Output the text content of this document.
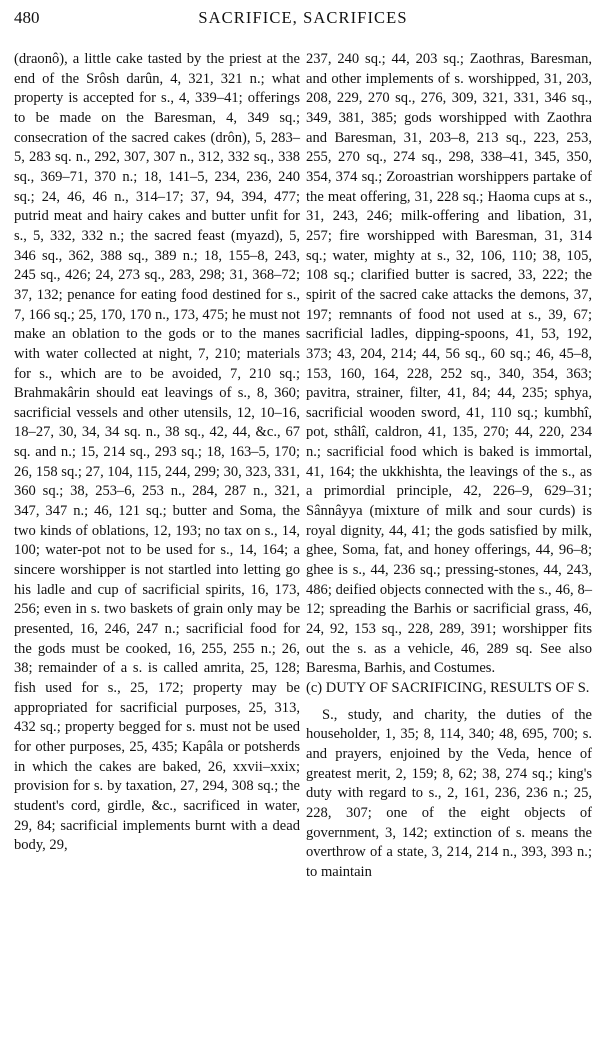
480	SACRIFICE, SACRIFICES

(draonô), a little cake tasted by the priest at the end of the Srôsh darûn, 4, 321, 321 n.; what property is accepted for s., 4, 339–41; offerings to be made on the Baresman, 4, 349 sq.; consecration of the sacred cakes (drôn), 5, 283–5, 283 sq. n., 292, 307, 307 n., 312, 332 sq., 338 sq., 369–71, 370 n.; 18, 141–5, 234, 236, 240 sq.; 24, 46, 46 n., 314–17; 37, 94, 394, 477; putrid meat and hairy cakes and butter unfit for s., 5, 332, 332 n.; the sacred feast (myazd), 5, 346 sq., 362, 388 sq., 389 n.; 18, 155–8, 243, 245 sq., 426; 24, 273 sq., 283, 298; 31, 368–72; 37, 132; penance for eating food destined for s., 7, 166 sq.; 25, 170, 170 n., 173, 475; he must not make an oblation to the gods or to the manes with water collected at night, 7, 210; materials for s., which are to be avoided, 7, 210 sq.; Brahmakârin should eat leavings of s., 8, 360; sacrificial vessels and other utensils, 12, 10–16, 18–27, 30, 34, 34 sq. n., 38 sq., 42, 44, &c., 67 sq. and n.; 15, 214 sq., 293 sq.; 18, 163–5, 170; 26, 158 sq.; 27, 104, 115, 244, 299; 30, 323, 331, 360 sq.; 38, 253–6, 253 n., 284, 287 n., 321, 347, 347 n.; 46, 121 sq.; butter and Soma, the two kinds of oblations, 12, 193; no tax on s., 14, 100; water-pot not to be used for s., 14, 164; a sincere worshipper is not startled into letting go his ladle and cup of sacrificial spirits, 16, 173, 256; even in s. two baskets of grain only may be presented, 16, 246, 247 n.; sacrificial food for the gods must be cooked, 16, 255, 255 n.; 26, 38; remainder of a s. is called amrita, 25, 128; fish used for s., 25, 172; property may be appropriated for sacrificial purposes, 25, 313, 432 sq.; property begged for s. must not be used for other purposes, 25, 435; Kapâla or potsherds in which the cakes are baked, 26, xxvii–xxix; provision for s. by taxation, 27, 294, 308 sq.; the student's cord, girdle, &c., sacrificed in water, 29, 84; sacrificial implements burnt with a dead body, 29,

237, 240 sq.; 44, 203 sq.; Zaothras, Baresman, and other implements of s. worshipped, 31, 203, 208, 229, 270 sq., 276, 309, 321, 331, 346 sq., 349, 381, 385; gods worshipped with Zaothra and Baresman, 31, 203–8, 213 sq., 223, 253, 255, 270 sq., 274 sq., 298, 338–41, 345, 350, 354, 374 sq.; Zoroastrian worshippers partake of the meat offering, 31, 228 sq.; Haoma cups at s., 31, 243, 246; milk-offering and libation, 31, 257; fire worshipped with Baresman, 31, 314 sq.; water, mighty at s., 32, 106, 110; 38, 105, 108 sq.; clarified butter is sacred, 33, 222; the spirit of the sacred cake attacks the demons, 37, 197; remnants of food not used at s., 39, 67; sacrificial ladles, dipping-spoons, 41, 53, 192, 373; 43, 204, 214; 44, 56 sq., 60 sq.; 46, 45–8, 153, 160, 164, 228, 252 sq., 340, 354, 363; pavitra, strainer, filter, 41, 84; 44, 235; sphya, sacrificial wooden sword, 41, 110 sq.; kumbhî, pot, sthâlî, caldron, 41, 135, 270; 44, 220, 234 n.; sacrificial food which is baked is immortal, 41, 164; the ukkhishta, the leavings of the s., as a primordial principle, 42, 226–9, 629–31; Sânnâyya (mixture of milk and sour curds) is royal dignity, 44, 41; the gods satisfied by milk, ghee, Soma, fat, and honey offerings, 44, 96–8; ghee is s., 44, 236 sq.; pressing-stones, 44, 243, 486; deified objects connected with the s., 46, 8–12; spreading the Barhis or sacrificial grass, 46, 24, 92, 153 sq., 228, 289, 391; worshipper fits out the s. as a vehicle, 46, 289 sq. See also Baresma, Barhis, and Costumes.

(c) DUTY OF SACRIFICING, RESULTS OF S.

S., study, and charity, the duties of the householder, 1, 35; 8, 114, 340; 48, 695, 700; s. and prayers, enjoined by the Veda, hence of greatest merit, 2, 159; 8, 62; 38, 274 sq.; king's duty with regard to s., 2, 161, 236, 236 n.; 25, 228, 307; one of the eight objects of government, 3, 142; extinction of s. means the overthrow of a state, 3, 214, 214 n., 393, 393 n.; to maintain
